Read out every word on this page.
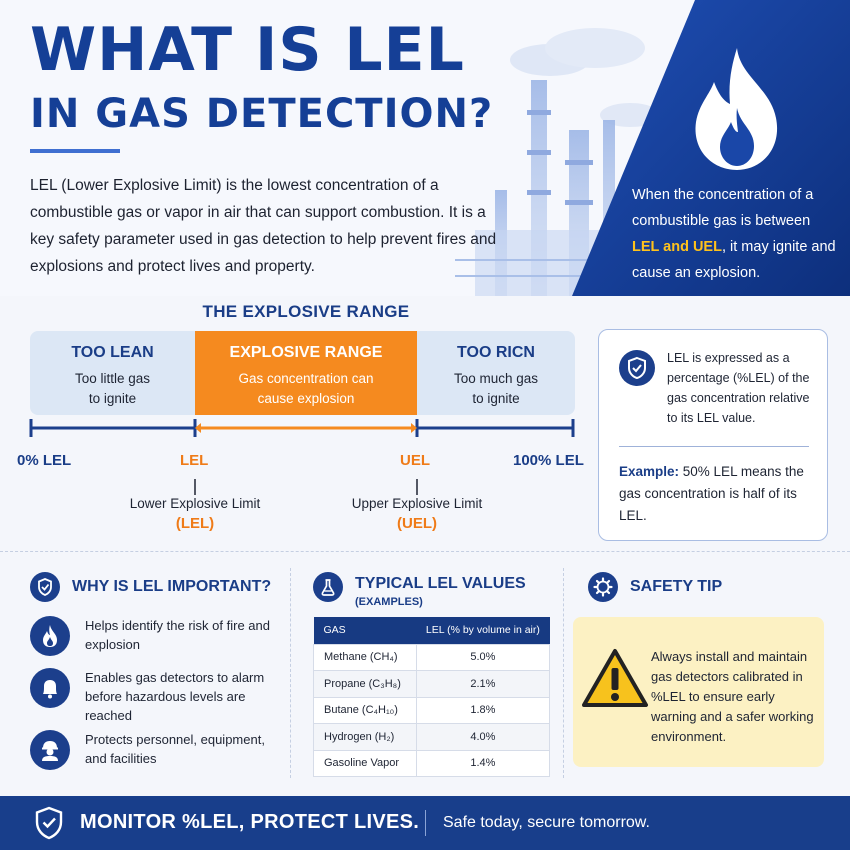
WHAT IS LEL
IN GAS DETECTION?

LEL (Lower Explosive Limit) is the lowest concentration of a combustible gas or vapor in air that can support combustion. It is a key safety parameter used in gas detection to help prevent fires and explosions and protect lives and property.

When the concentration of a combustible gas is between LEL and UEL, it may ignite and cause an explosion.

THE EXPLOSIVE RANGE
TOO LEAN
Too little gas
to ignite
EXPLOSIVE RANGE
Gas concentration can
cause explosion
TOO RICN
Too much gas
to ignite
0% LEL	LEL	UEL	100% LEL
Lower Explosive Limit
(LEL)
Upper Explosive Limit
(UEL)

LEL is expressed as a percentage (%LEL) of the gas concentration relative to its LEL value.

Example: 50% LEL means the gas concentration is half of its LEL.

WHY IS LEL IMPORTANT?
Helps identify the risk of fire and explosion
Enables gas detectors to alarm before hazardous levels are reached
Protects personnel, equipment, and facilities
TYPICAL LEL VALUES
(EXAMPLES)
GAS	LEL (% by volume in air)
Methane (CH₄)	5.0%
Propane (C₃H₈)	2.1%
Butane (C₄H₁₀)	1.8%
Hydrogen (H₂)	4.0%
Gasoline Vapor	1.4%
SAFETY TIP

Always install and maintain gas detectors calibrated in %LEL to ensure early warning and a safer working environment.

MONITOR %LEL, PROTECT LIVES. Safe today, secure tomorrow.
